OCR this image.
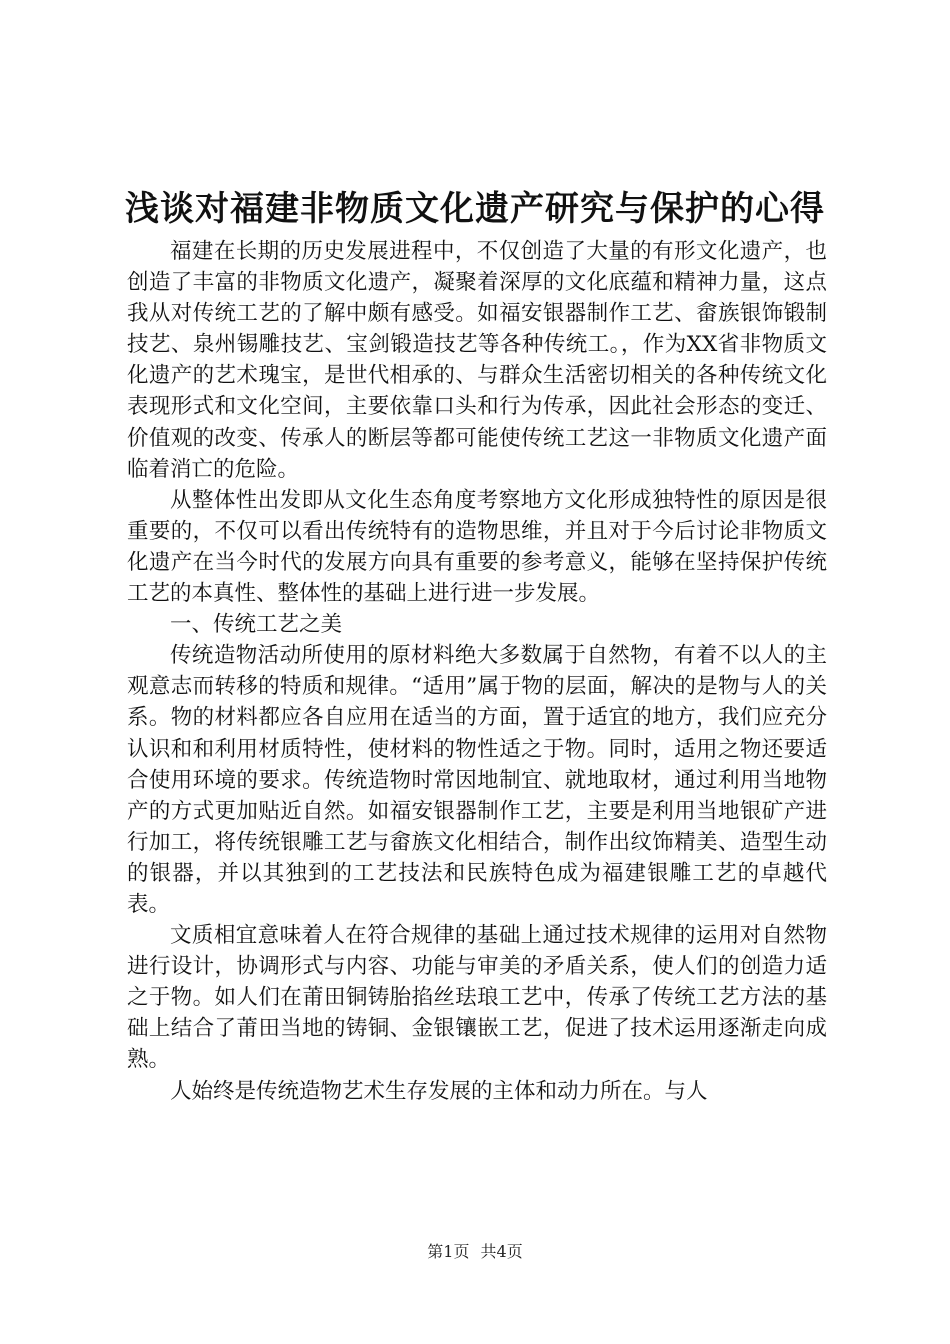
浅谈对福建非物质文化遗产研究与保护的心得

福建在长期的历史发展进程中，不仅创造了大量的有形文化遗产，也创造了丰富的非物质文化遗产，凝聚着深厚的文化底蕴和精神力量，这点我从对传统工艺的了解中颇有感受。如福安银器制作工艺、畲族银饰锻制技艺、泉州锡雕技艺、宝剑锻造技艺等各种传统工。，作为XX省非物质文化遗产的艺术瑰宝，是世代相承的、与群众生活密切相关的各种传统文化表现形式和文化空间，主要依靠口头和行为传承，因此社会形态的变迁、价值观的改变、传承人的断层等都可能使传统工艺这一非物质文化遗产面临着消亡的危险。

从整体性出发即从文化生态角度考察地方文化形成独特性的原因是很重要的，不仅可以看出传统特有的造物思维，并且对于今后讨论非物质文化遗产在当今时代的发展方向具有重要的参考意义，能够在坚持保护传统工艺的本真性、整体性的基础上进行进一步发展。

一、传统工艺之美

传统造物活动所使用的原材料绝大多数属于自然物，有着不以人的主观意志而转移的特质和规律。“适用”属于物的层面，解决的是物与人的关系。物的材料都应各自应用在适当的方面，置于适宜的地方，我们应充分认识和和利用材质特性，使材料的物性适之于物。同时，适用之物还要适合使用环境的要求。传统造物时常因地制宜、就地取材，通过利用当地物产的方式更加贴近自然。如福安银器制作工艺，主要是利用当地银矿产进行加工，将传统银雕工艺与畲族文化相结合，制作出纹饰精美、造型生动的银器，并以其独到的工艺技法和民族特色成为福建银雕工艺的卓越代表。

文质相宜意味着人在符合规律的基础上通过技术规律的运用对自然物进行设计，协调形式与内容、功能与审美的矛盾关系，使人们的创造力适之于物。如人们在莆田铜铸胎掐丝珐琅工艺中，传承了传统工艺方法的基础上结合了莆田当地的铸铜、金银镶嵌工艺，促进了技术运用逐渐走向成熟。

人始终是传统造物艺术生存发展的主体和动力所在。与人

第1页 共4页
